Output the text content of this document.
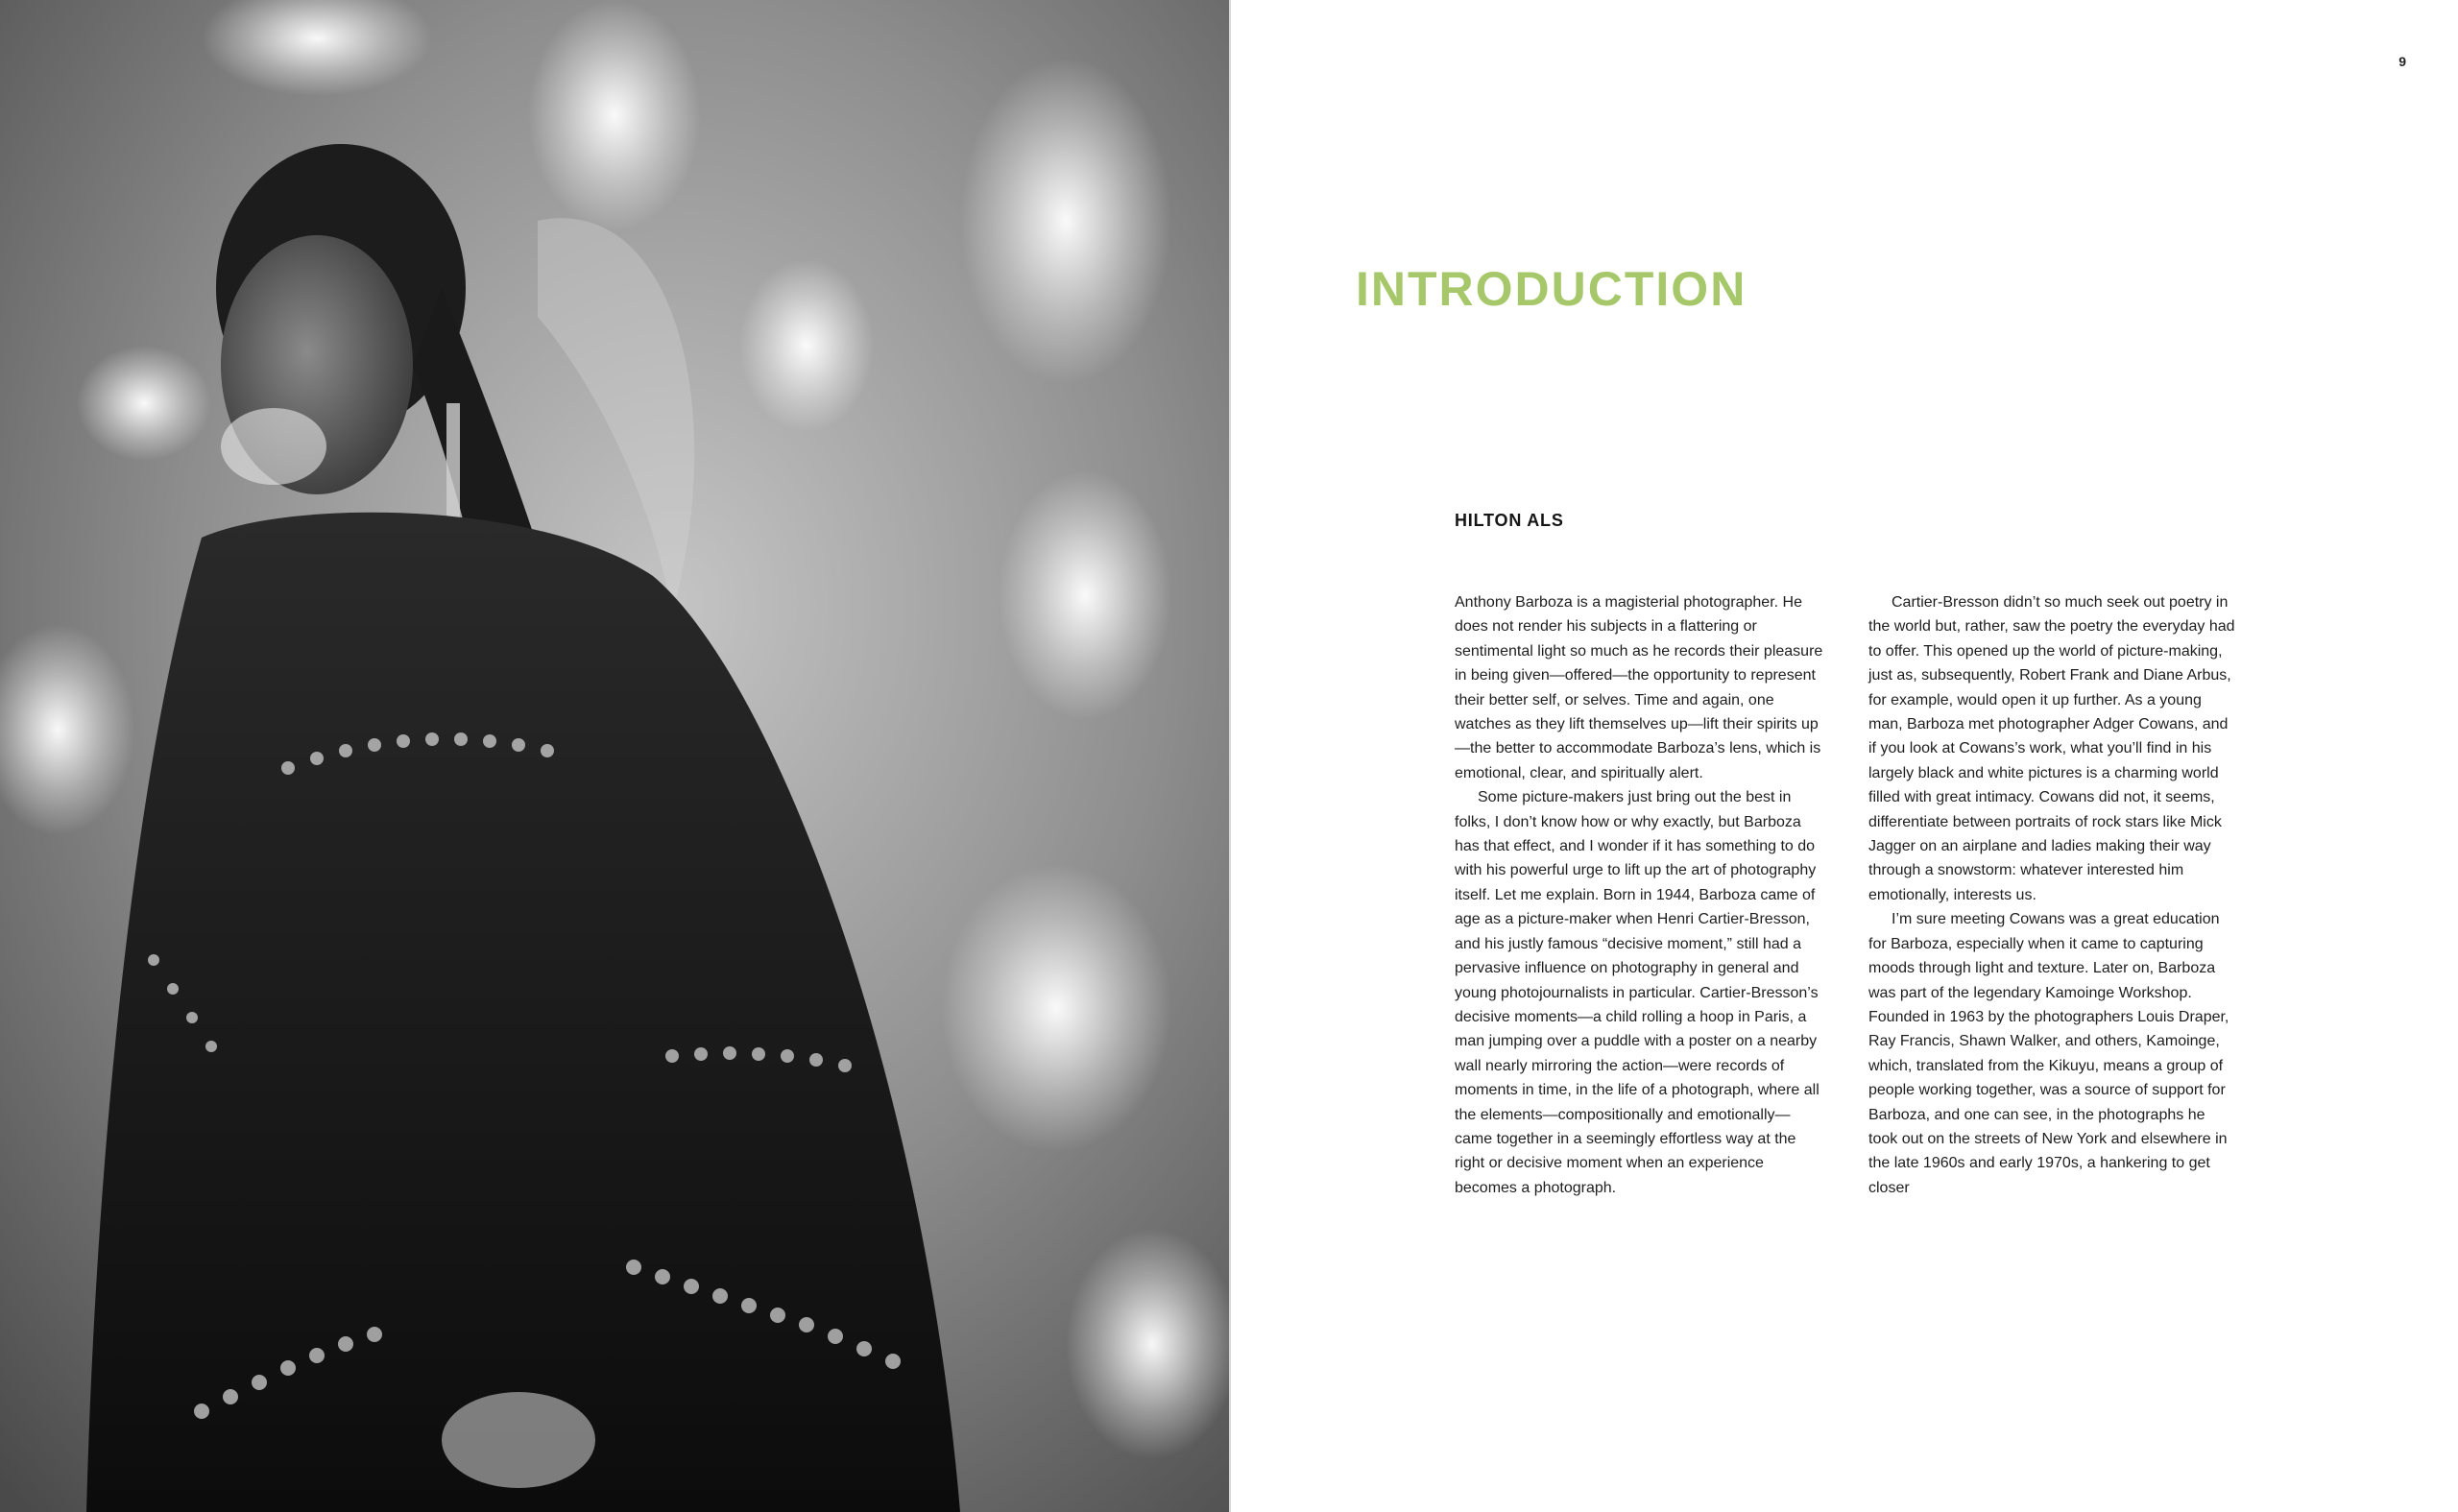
9
INTRODUCTION
HILTON ALS

Anthony Barboza is a magisterial photographer. He does not render his subjects in a flattering or sentimental light so much as he records their pleasure in being given—offered—the opportunity to represent their better self, or selves. Time and again, one watches as they lift themselves up—lift their spirits up—the better to accommodate Barboza’s lens, which is emotional, clear, and spiritually alert.

Some picture-makers just bring out the best in folks, I don’t know how or why exactly, but Barboza has that effect, and I wonder if it has something to do with his powerful urge to lift up the art of photography itself. Let me explain. Born in 1944, Barboza came of age as a picture-maker when Henri Cartier-Bresson, and his justly famous “decisive moment,” still had a pervasive influence on photography in general and young photojournalists in particular. Cartier-Bresson’s decisive moments—a child rolling a hoop in Paris, a man jumping over a puddle with a poster on a nearby wall nearly mirroring the action—were records of moments in time, in the life of a photograph, where all the elements—compositionally and emotionally—came together in a seemingly effortless way at the right or decisive moment when an experience becomes a photograph.

Cartier-Bresson didn’t so much seek out poetry in the world but, rather, saw the poetry the everyday had to offer. This opened up the world of picture-making, just as, subsequently, Robert Frank and Diane Arbus, for example, would open it up further. As a young man, Barboza met photographer Adger Cowans, and if you look at Cowans’s work, what you’ll find in his largely black and white pictures is a charming world filled with great intimacy. Cowans did not, it seems, differentiate between portraits of rock stars like Mick Jagger on an airplane and ladies making their way through a snowstorm: whatever interested him emotionally, interests us.

I’m sure meeting Cowans was a great education for Barboza, especially when it came to capturing moods through light and texture. Later on, Barboza was part of the legendary Kamoinge Workshop. Founded in 1963 by the photographers Louis Draper, Ray Francis, Shawn Walker, and others, Kamoinge, which, translated from the Kikuyu, means a group of people working together, was a source of support for Barboza, and one can see, in the photographs he took out on the streets of New York and elsewhere in the late 1960s and early 1970s, a hankering to get closer
